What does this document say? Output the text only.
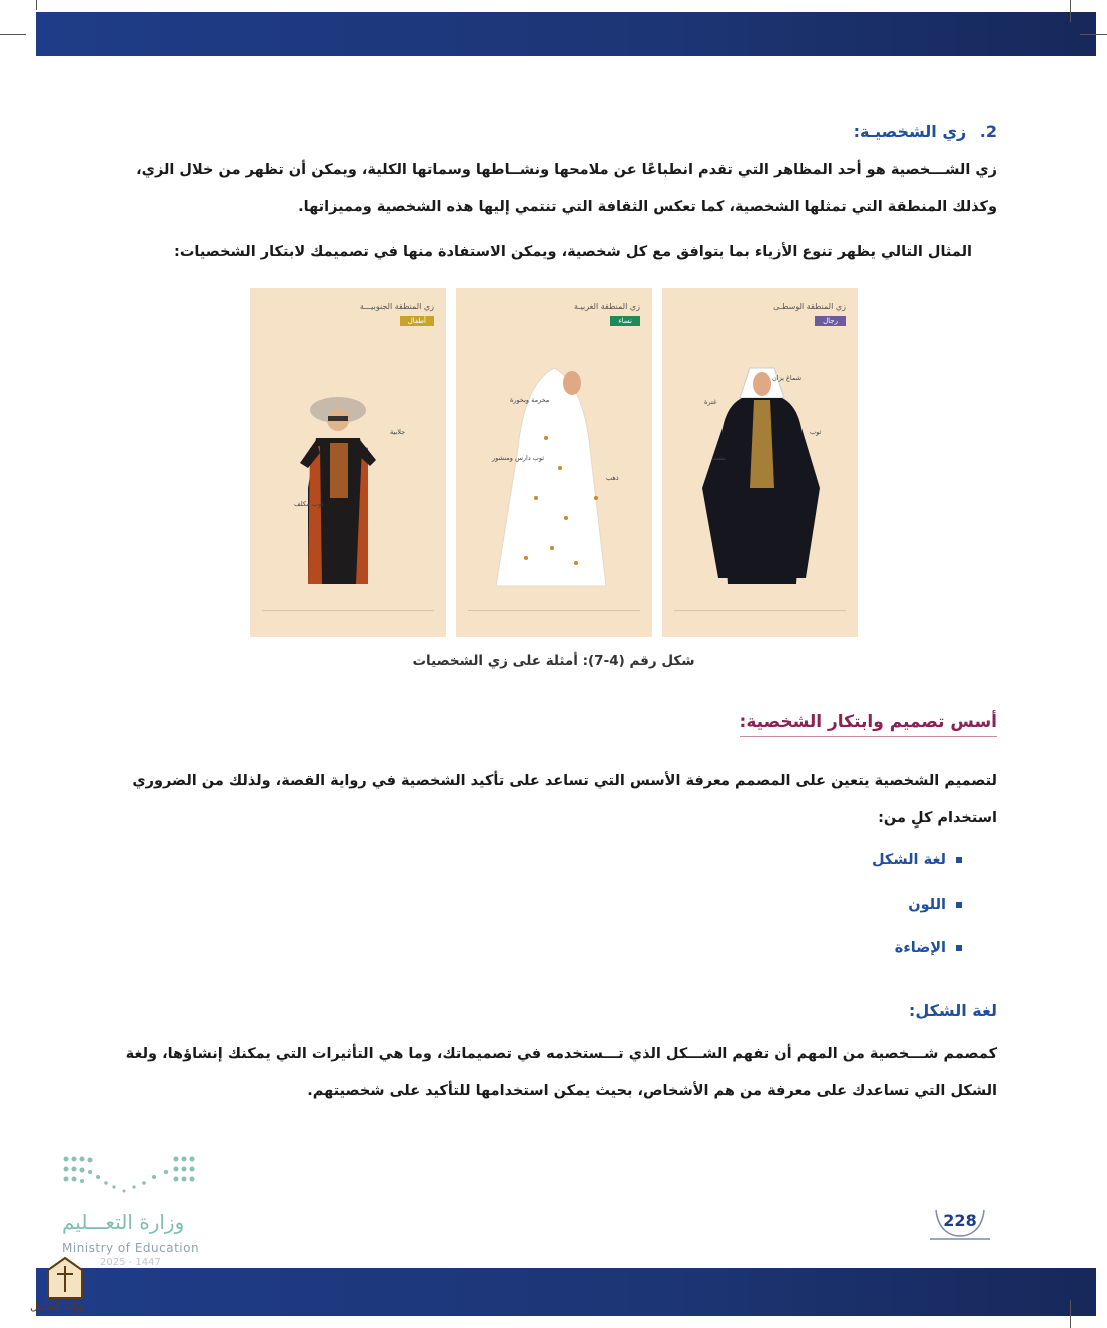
2. زي الشخصيـة:
زي الشـــخصية هو أحد المظاهر التي تقدم انطباعًا عن ملامحها ونشــاطها وسماتها الكلية، ويمكن أن تظهر من خلال الزي،
وكذلك المنطقة التي تمثلها الشخصية، كما تعكس الثقافة التي تنتمي إليها هذه الشخصية ومميزاتها.
المثال التالي يظهر تنوع الأزياء بما يتوافق مع كل شخصية، ويمكن الاستفادة منها في تصميمك لابتكار الشخصيات:
زي المنطقة الجنوبيـــة
أطفال
جلابية
ثوب مكلف
زي المنطقة الغربيـة
نساء
مخرمة وبخورة
ثوب دارس ومنشور
ذهب
زي المنطقة الوسطـى
رجال
شماغ يزان
غترة
ثوب
بشت
شكل رقم (4-7): أمثلة على زي الشخصيات
أسس تصميم وابتكار الشخصية:
لتصميم الشخصية يتعين على المصمم معرفة الأسس التي تساعد على تأكيد الشخصية في رواية القصة، ولذلك من الضروري
استخدام كلٍ من:
لغة الشكل
اللون
الإضاءة
لغة الشكل:
كمصمم شـــخصية من المهم أن تفهم الشـــكل الذي تـــستخدمه في تصميماتك، وما هي التأثيرات التي يمكنك إنشاؤها، ولغة
الشكل التي تساعدك على معرفة من هم الأشخاص، بحيث يمكن استخدامها للتأكيد على شخصيتهم.
وزارة التعـــليم
Ministry of Education
2025 - 1447
228
بوابة الحلول
